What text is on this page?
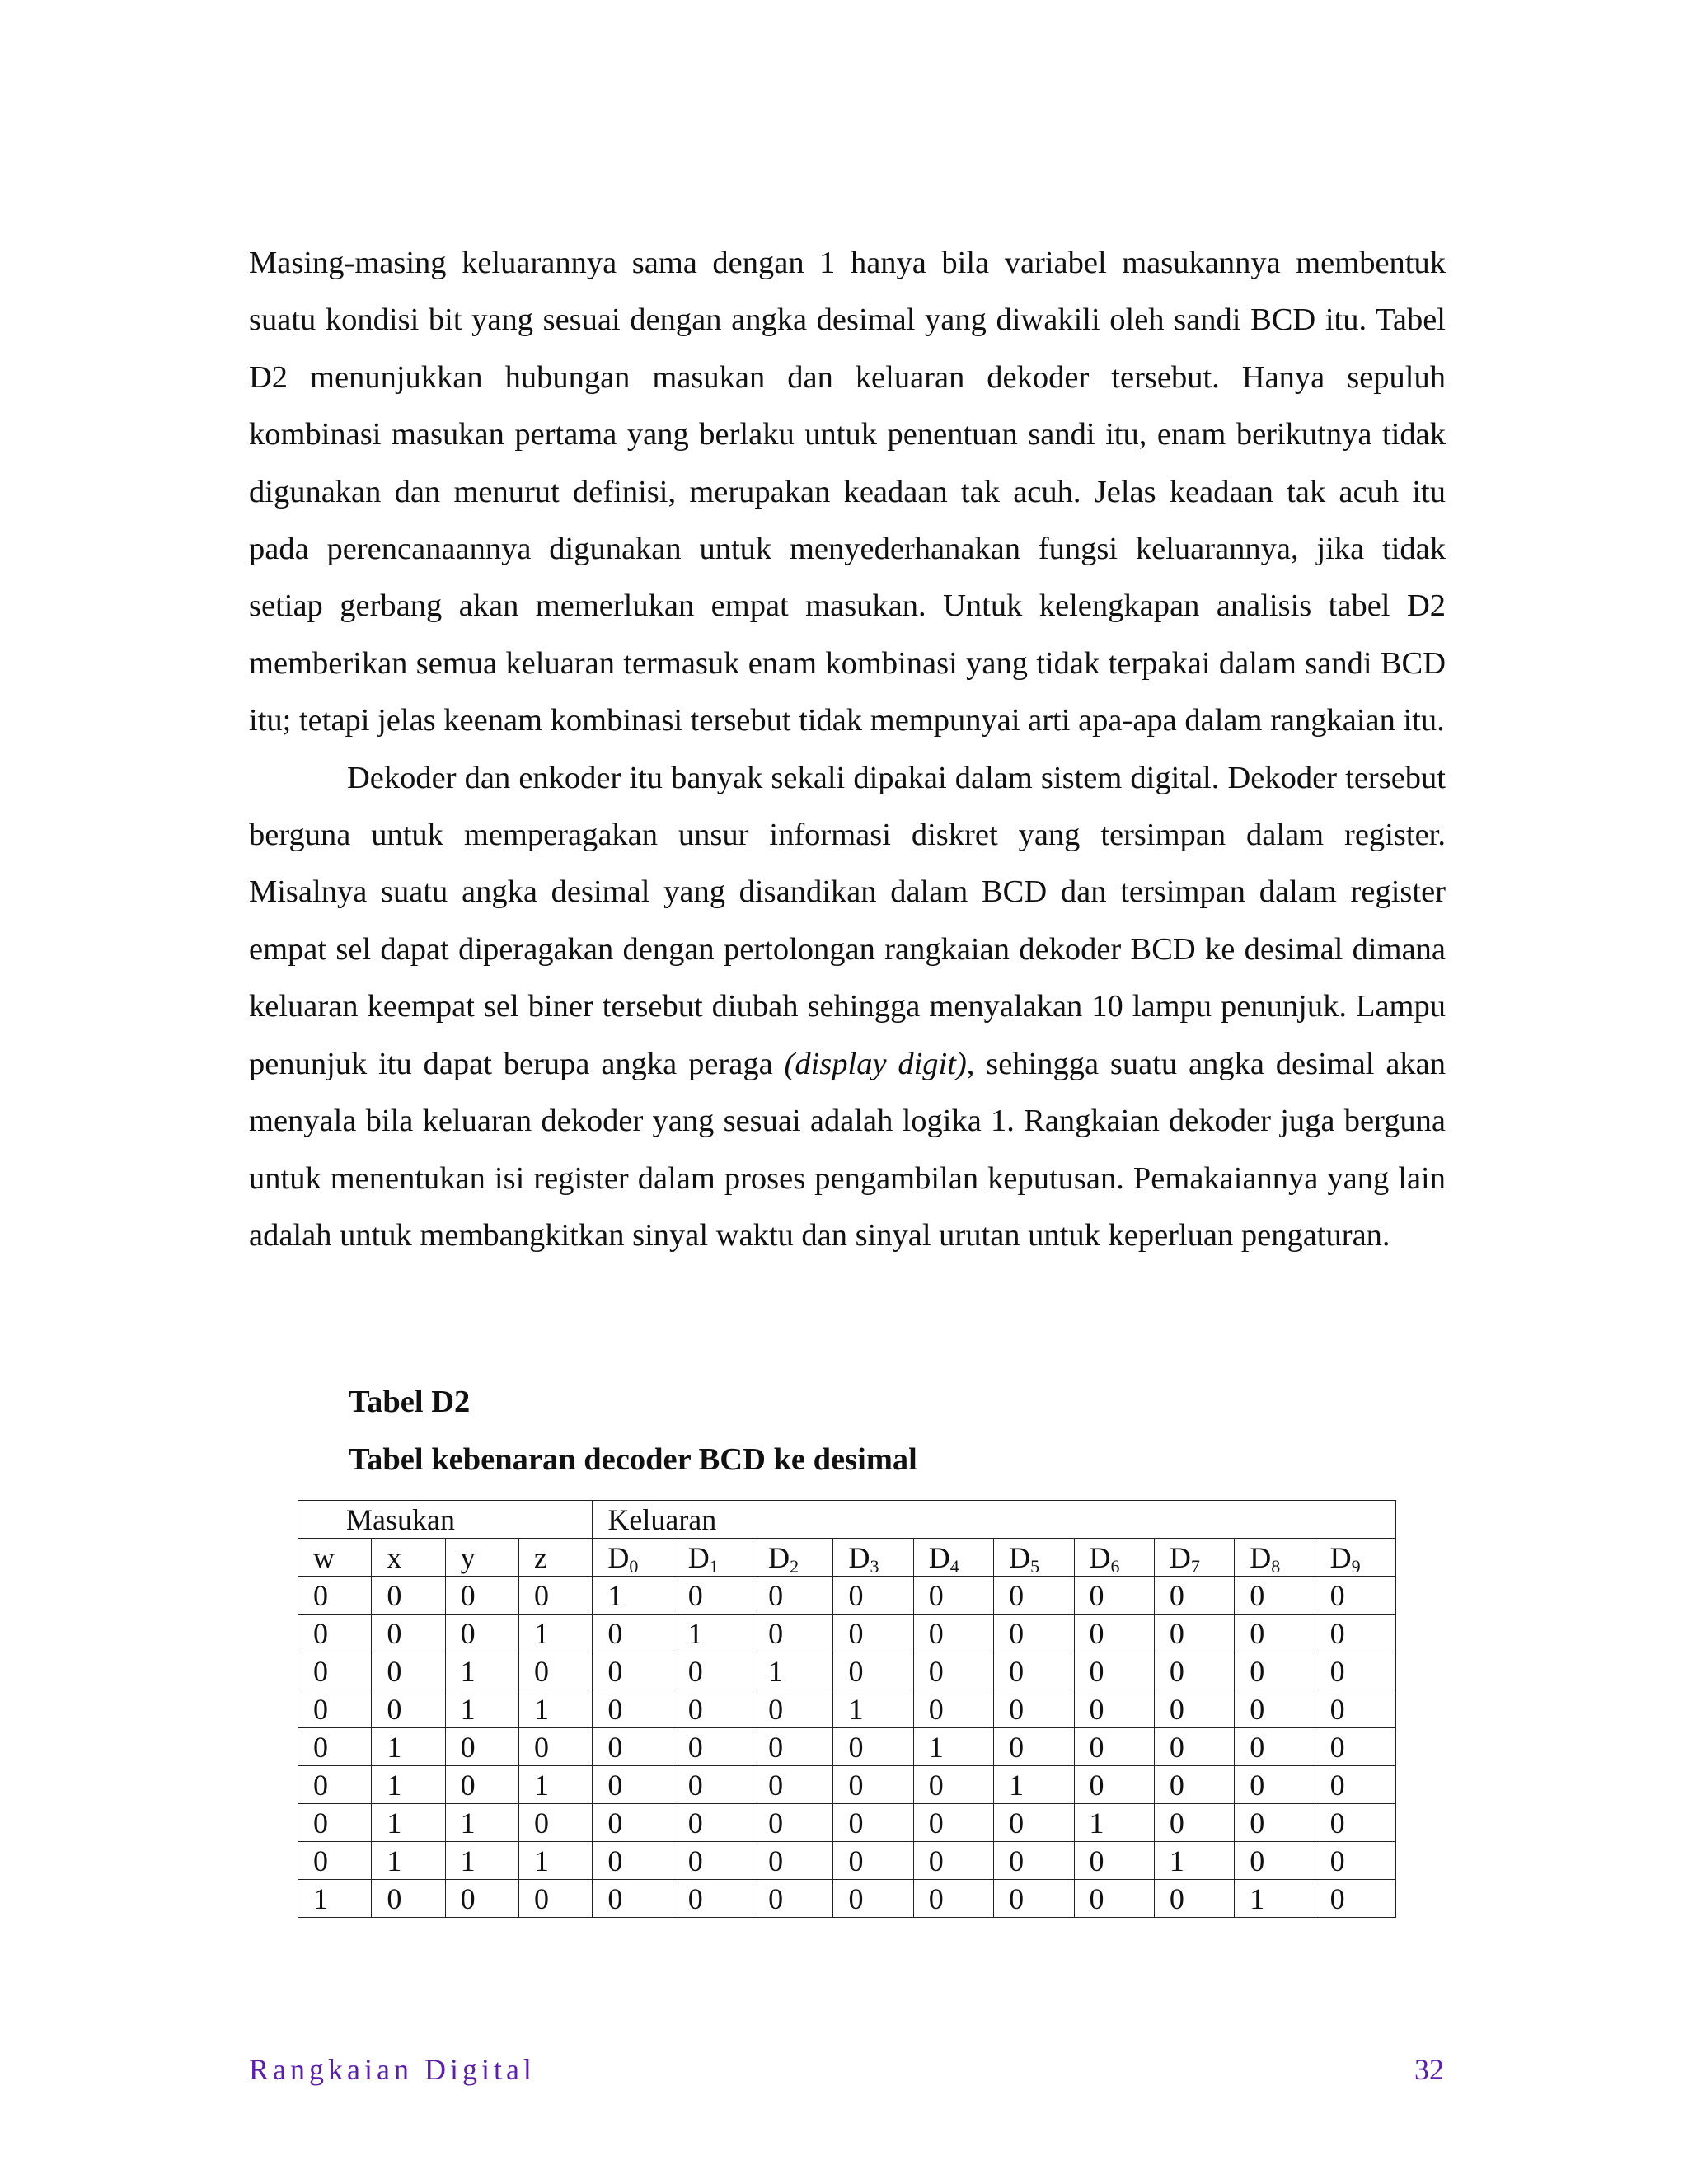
Masing-masing keluarannya sama dengan 1 hanya bila variabel masukannya membentuk suatu kondisi bit yang sesuai dengan angka desimal yang diwakili oleh sandi BCD itu. Tabel D2 menunjukkan hubungan masukan dan keluaran dekoder tersebut. Hanya sepuluh kombinasi masukan pertama yang berlaku untuk penentuan sandi itu, enam berikutnya tidak digunakan dan menurut definisi, merupakan keadaan tak acuh. Jelas keadaan tak acuh itu pada perencanaannya digunakan untuk menyederhanakan fungsi keluarannya, jika tidak setiap gerbang akan memerlukan empat masukan. Untuk kelengkapan analisis tabel D2 memberikan semua keluaran termasuk enam kombinasi yang tidak terpakai dalam sandi BCD itu; tetapi jelas keenam kombinasi tersebut tidak mempunyai arti apa-apa dalam rangkaian itu.

Dekoder dan enkoder itu banyak sekali dipakai dalam sistem digital. Dekoder tersebut berguna untuk memperagakan unsur informasi diskret yang tersimpan dalam register. Misalnya suatu angka desimal yang disandikan dalam BCD dan tersimpan dalam register empat sel dapat diperagakan dengan pertolongan rangkaian dekoder BCD ke desimal dimana keluaran keempat sel biner tersebut diubah sehingga menyalakan 10 lampu penunjuk. Lampu penunjuk itu dapat berupa angka peraga (display digit), sehingga suatu angka desimal akan menyala bila keluaran dekoder yang sesuai adalah logika 1. Rangkaian dekoder juga berguna untuk menentukan isi register dalam proses pengambilan keputusan. Pemakaiannya yang lain adalah untuk membangkitkan sinyal waktu dan sinyal urutan untuk keperluan pengaturan.

Tabel D2
Tabel kebenaran decoder BCD ke desimal
Masukan				Keluaran									
w	x	y	z	$D_0$	$D_1$	$D_2$	$D_3$	$D_4$	$D_5$	$D_6$	$D_7$	$D_8$	$D_9$
0	0	0	0	1	0	0	0	0	0	0	0	0	0
0	0	0	1	0	1	0	0	0	0	0	0	0	0
0	0	1	0	0	0	1	0	0	0	0	0	0	0
0	0	1	1	0	0	0	1	0	0	0	0	0	0
0	1	0	0	0	0	0	0	1	0	0	0	0	0
0	1	0	1	0	0	0	0	0	1	0	0	0	0
0	1	1	0	0	0	0	0	0	0	1	0	0	0
0	1	1	1	0	0	0	0	0	0	0	1	0	0
1	0	0	0	0	0	0	0	0	0	0	0	1	0
Rangkaian Digital	32
